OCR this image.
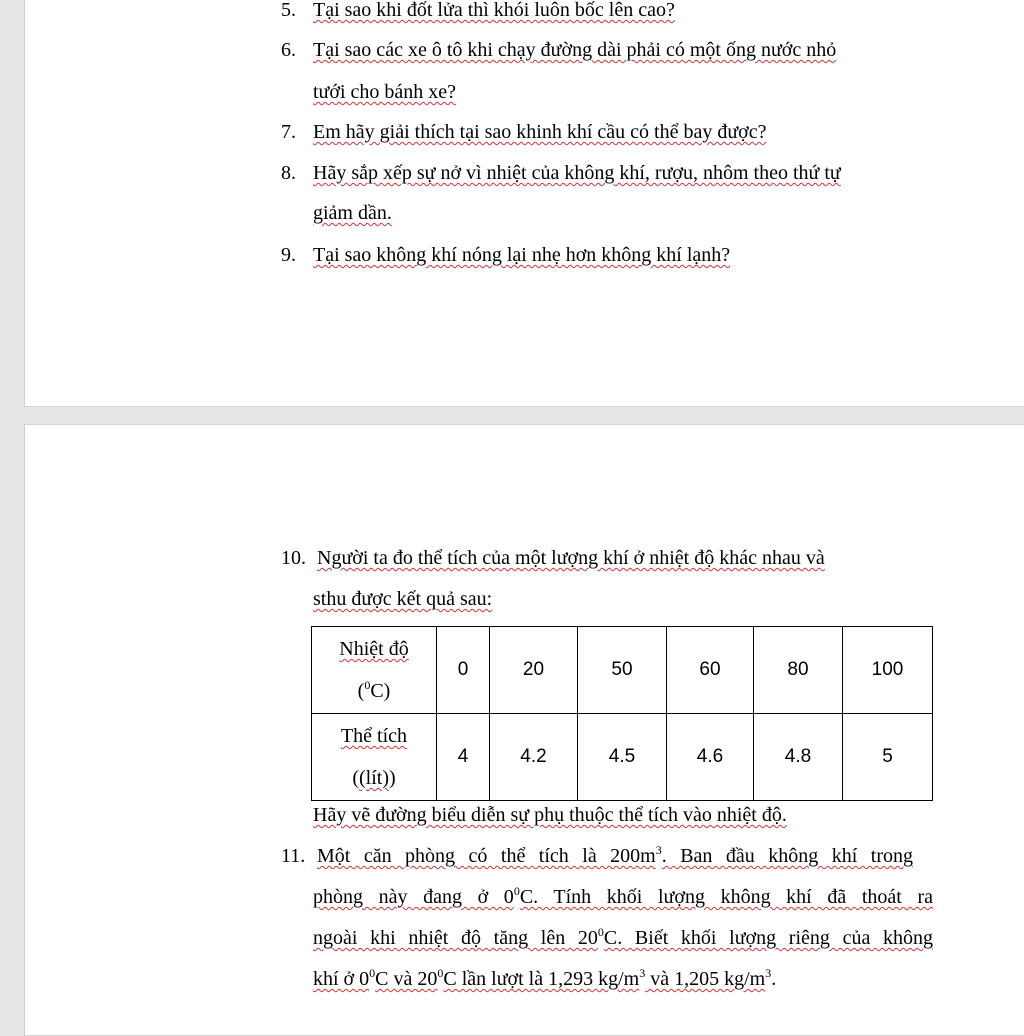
5. Tại sao khi đốt lửa thì khói luôn bốc lên cao?
6. Tại sao các xe ô tô khi chạy đường dài phải có một ống nước nhỏ
tưới cho bánh xe?
7. Em hãy giải thích tại sao khinh khí cầu có thể bay được?
8. Hãy sắp xếp sự nở vì nhiệt của không khí, rượu, nhôm theo thứ tự
giảm dần.
9. Tại sao không khí nóng lại nhẹ hơn không khí lạnh?
10. Người ta đo thể tích của một lượng khí ở nhiệt độ khác nhau và
sthu được kết quả sau:
Nhiệt độ
($^0$C)	0	20	50	60	80	100
Thể tích
((lít))	4	4.2	4.5	4.6	4.8	5
Hãy vẽ đường biểu diễn sự phụ thuộc thể tích vào nhiệt độ.
11. Một căn phòng có thể tích là $200m^3$. Ban đầu không khí trong
phòng này đang ở $0^0C$. Tính khối lượng không khí đã thoát ra
ngoài khi nhiệt độ tăng lên $20^0C$. Biết khối lượng riêng của không
khí ở $0^0C$ và $20^0C$ lần lượt là 1,293 $kg/m^3$ và 1,205 $kg/m^3$.
